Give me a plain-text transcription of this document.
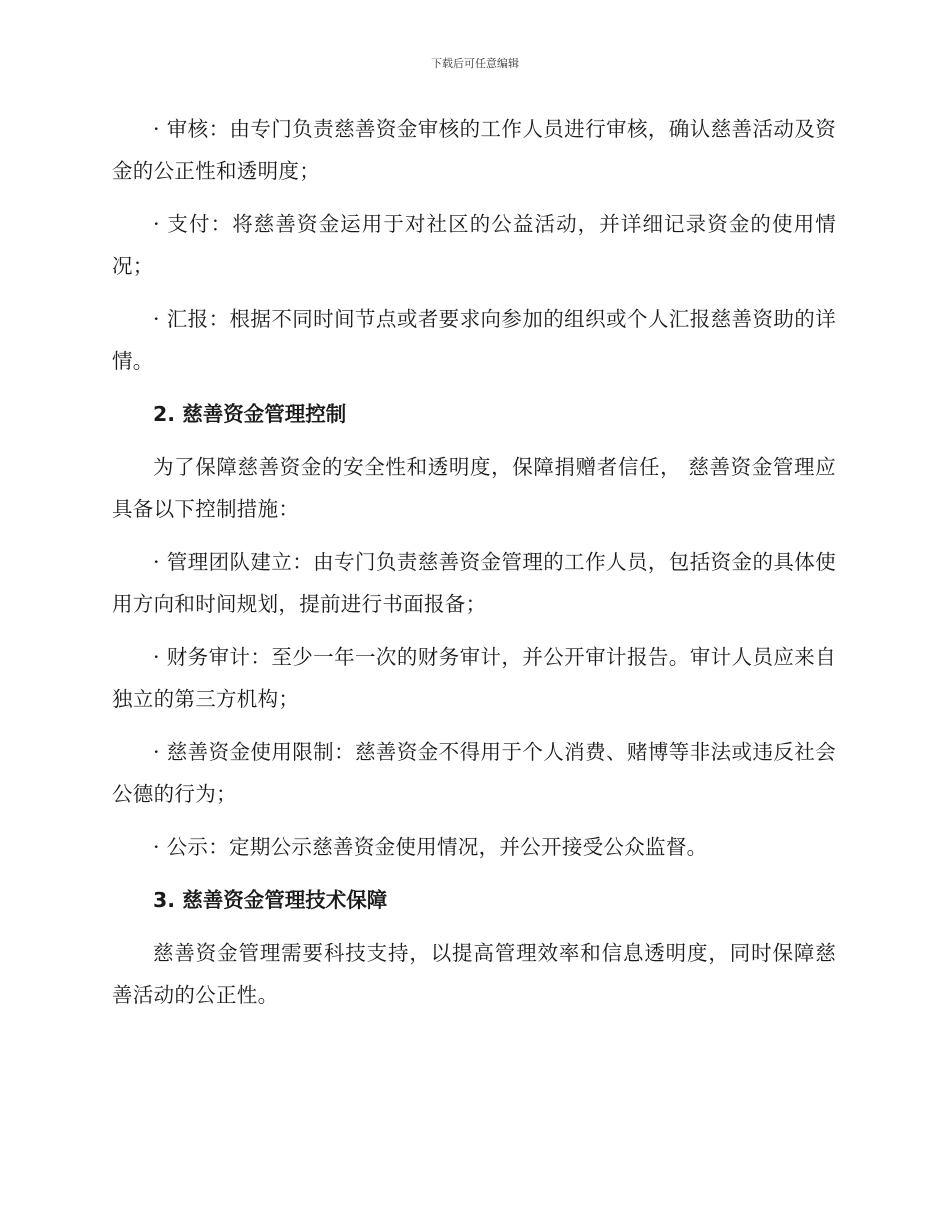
下载后可任意编辑

· 审核：由专门负责慈善资金审核的工作人员进行审核，确认慈善活动及资金的公正性和透明度；

· 支付：将慈善资金运用于对社区的公益活动，并详细记录资金的使用情况；

· 汇报：根据不同时间节点或者要求向参加的组织或个人汇报慈善资助的详情。

2. 慈善资金管理控制

为了保障慈善资金的安全性和透明度，保障捐赠者信任， 慈善资金管理应具备以下控制措施：

· 管理团队建立：由专门负责慈善资金管理的工作人员，包括资金的具体使用方向和时间规划，提前进行书面报备；

· 财务审计：至少一年一次的财务审计，并公开审计报告。审计人员应来自独立的第三方机构；

· 慈善资金使用限制：慈善资金不得用于个人消费、赌博等非法或违反社会公德的行为；

· 公示：定期公示慈善资金使用情况，并公开接受公众监督。

3. 慈善资金管理技术保障

慈善资金管理需要科技支持，以提高管理效率和信息透明度，同时保障慈善活动的公正性。
